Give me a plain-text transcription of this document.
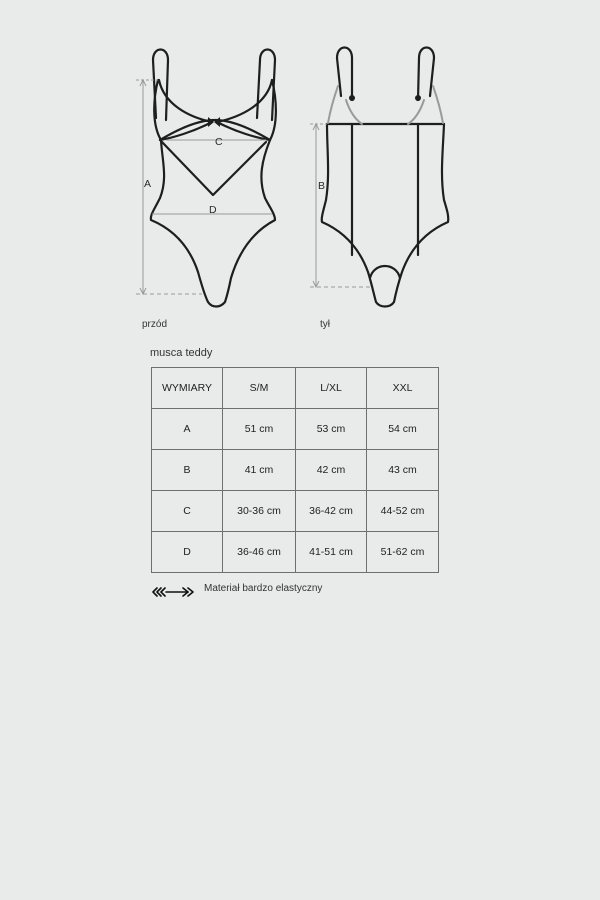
A	B
C
D
przód	tył
musca teddy
WYMIARY	S/M	L/XL	XXL
A	51 cm	53 cm	54 cm
B	41 cm	42 cm	43 cm
C	30-36 cm	36-42 cm	44-52 cm
D	36-46 cm	41-51 cm	51-62 cm
Materiał bardzo elastyczny
